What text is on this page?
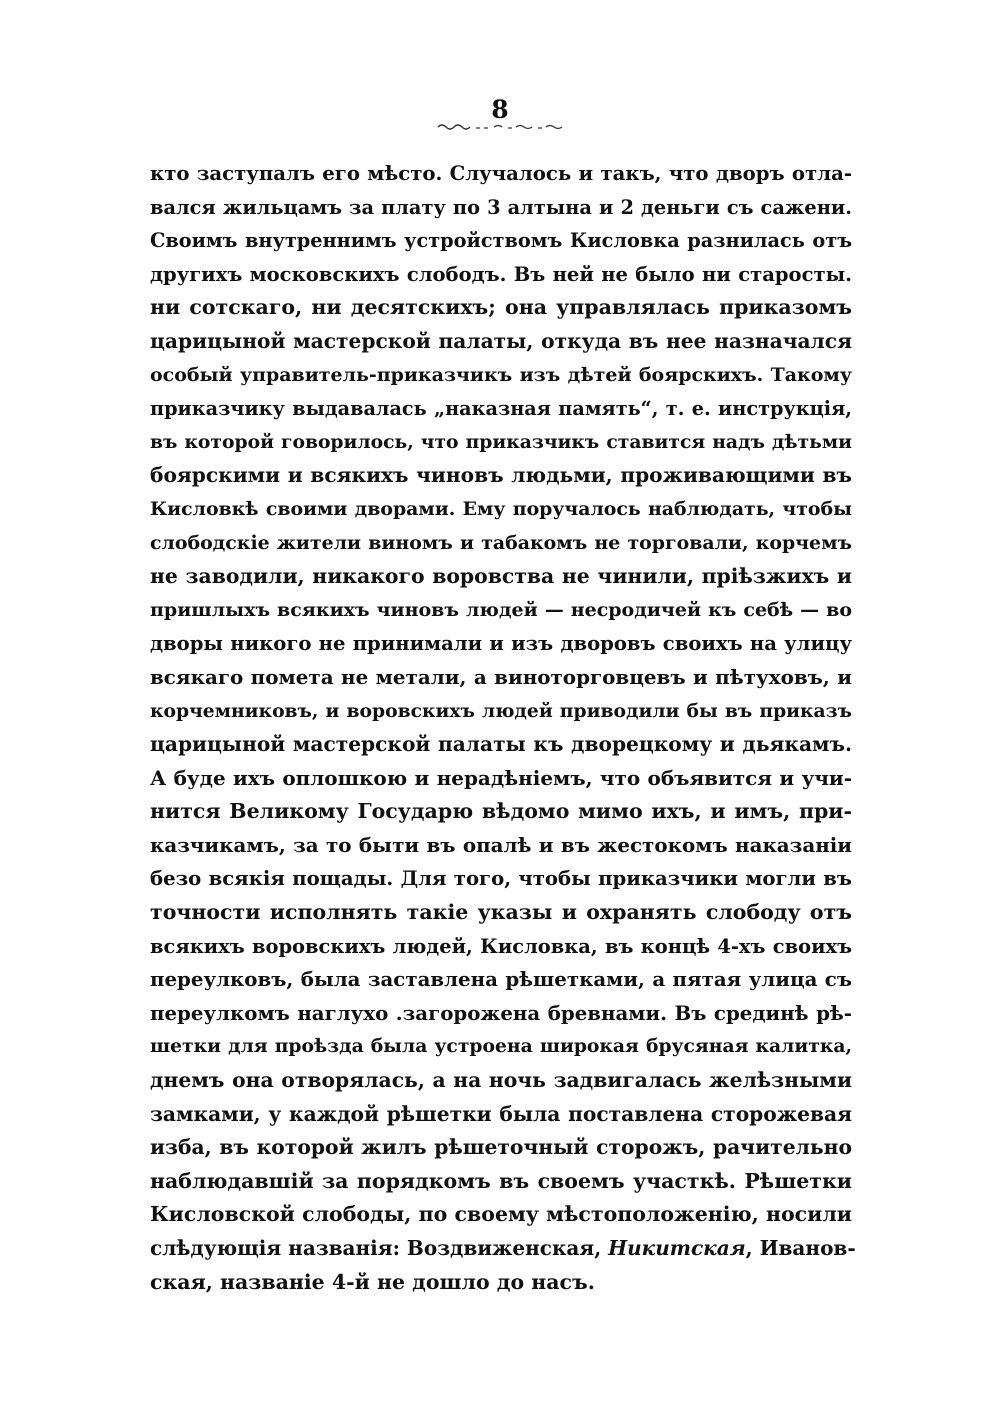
8
кто заступалъ его мѣсто. Случалось и такъ, что дворъ отла-
вался жильцамъ за плату по 3 алтына и 2 деньги съ сажени.
Своимъ внутреннимъ устройствомъ Кисловка разнилась отъ
другихъ московскихъ слободъ. Въ ней не было ни старосты.
ни сотскаго, ни десятскихъ; она управлялась приказомъ
царицыной мастерской палаты, откуда въ нее назначался
особый управитель-приказчикъ изъ дѣтей боярскихъ. Такому
приказчику выдавалась „наказная память“, т. е. инструкція,
въ которой говорилось, что приказчикъ ставится надъ дѣтьми
боярскими и всякихъ чиновъ людьми, проживающими въ
Кисловкѣ своими дворами. Ему поручалось наблюдать, чтобы
слободскіе жители виномъ и табакомъ не торговали, корчемъ
не заводили, никакого воровства не чинили, пріѣзжихъ и
пришлыхъ всякихъ чиновъ людей — несродичей къ себѣ — во
дворы никого не принимали и изъ дворовъ своихъ на улицу
всякаго помета не метали, а виноторговцевъ и пѣтуховъ, и
корчемниковъ, и воровскихъ людей приводили бы въ приказъ
царицыной мастерской палаты къ дворецкому и дьякамъ.
А буде ихъ оплошкою и нерадѣніемъ, что объявится и учи-
нится Великому Государю вѣдомо мимо ихъ, и имъ, при-
казчикамъ, за то быти въ опалѣ и въ жестокомъ наказаніи
безо всякія пощады. Для того, чтобы приказчики могли въ
точности исполнять такіе указы и охранять слободу отъ
всякихъ воровскихъ людей, Кисловка, въ концѣ 4-хъ своихъ
переулковъ, была заставлена рѣшетками, а пятая улица съ
переулкомъ наглухо .загорожена бревнами. Въ срединѣ рѣ-
шетки для проѣзда была устроена широкая брусяная калитка,
днемъ она отворялась, а на ночь задвигалась желѣзными
замками, у каждой рѣшетки была поставлена сторожевая
изба, въ которой жилъ рѣшеточный сторожъ, рачительно
наблюдавшій за порядкомъ въ своемъ участкѣ. Рѣшетки
Кисловской слободы, по своему мѣстоположенію, носили
слѣдующія названія: Воздвиженская, Никитская, Иванов-
ская, названіе 4-й не дошло до насъ.
